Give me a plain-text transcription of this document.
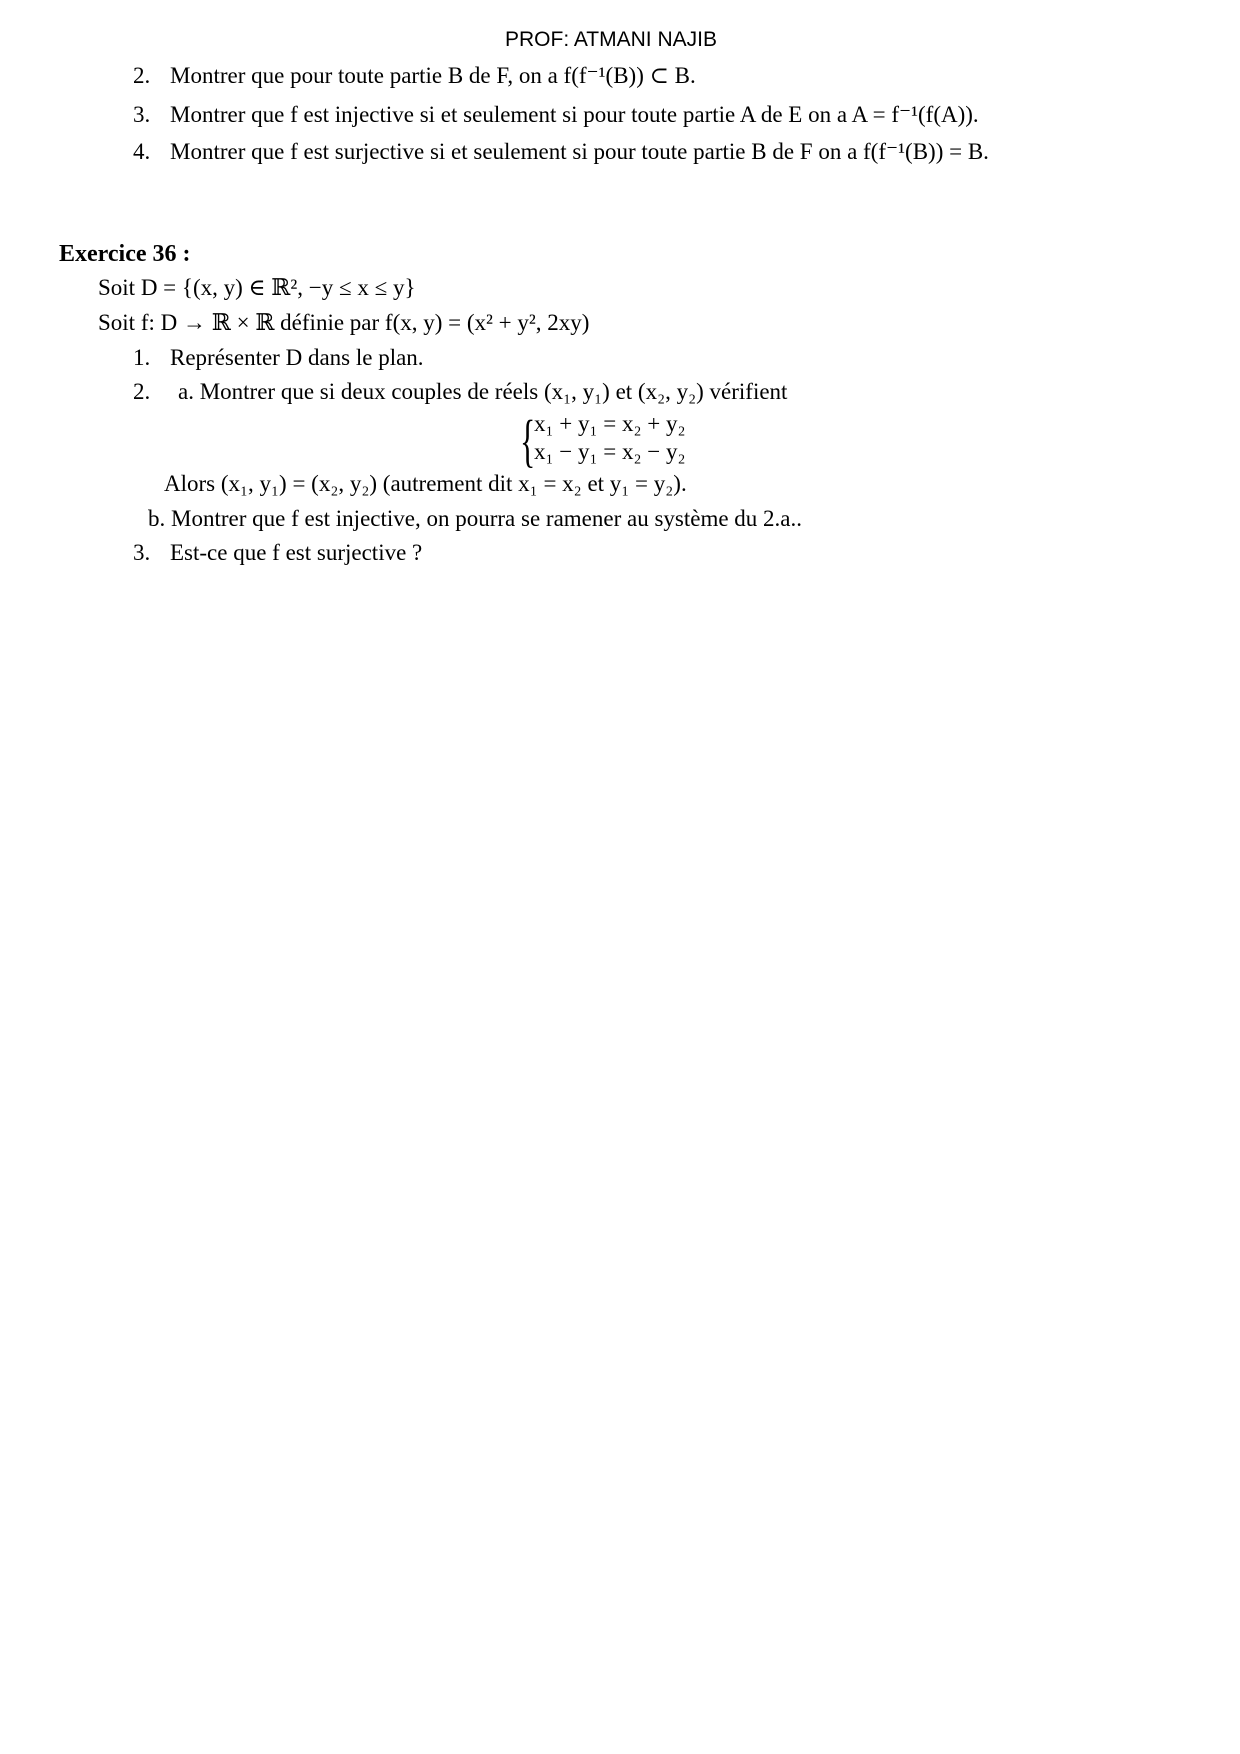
PROF: ATMANI NAJIB
2. Montrer que pour toute partie B de F, on a f(f⁻¹(B)) ⊂ B.
3. Montrer que f est injective si et seulement si pour toute partie A de E on a A = f⁻¹(f(A)).
4. Montrer que f est surjective si et seulement si pour toute partie B de F on a f(f⁻¹(B)) = B.
Exercice 36 :
Soit D = {(x, y) ∈ ℝ², −y ≤ x ≤ y}
Soit f: D → ℝ × ℝ définie par f(x, y) = (x² + y², 2xy)
1. Représenter D dans le plan.
2. a. Montrer que si deux couples de réels (x₁, y₁) et (x₂, y₂) vérifient
{
x₁ + y₁ = x₂ + y₂
x₁ − y₁ = x₂ − y₂
Alors (x₁, y₁) = (x₂, y₂) (autrement dit x₁ = x₂ et y₁ = y₂).
b. Montrer que f est injective, on pourra se ramener au système du 2.a..
3. Est-ce que f est surjective ?
